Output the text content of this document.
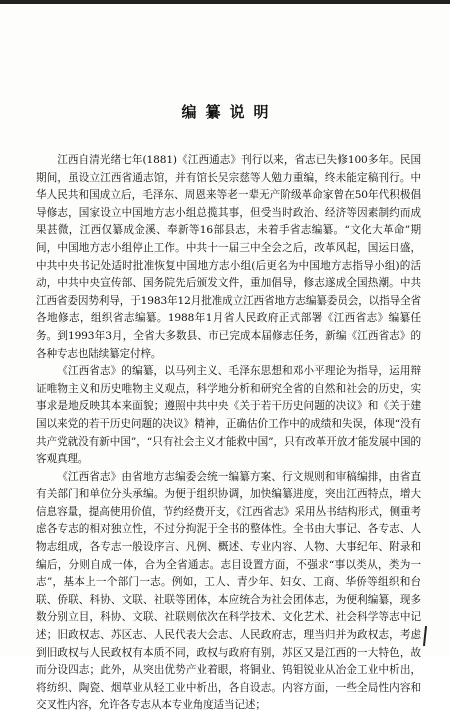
编纂说明

江西自清光绪七年(1881)《江西通志》刊行以来，省志已失修100多年。民国期间，虽设立江西省通志馆，并有馆长吴宗慈等人勉力重编，终未能定稿刊行。中华人民共和国成立后，毛泽东、周恩来等老一辈无产阶级革命家曾在50年代积极倡导修志，国家设立中国地方志小组总揽其事，但受当时政治、经济等因素制约而成果甚微，江西仅纂成金溪、奉新等16部县志，未着手省志编纂。“文化大革命”期间，中国地方志小组停止工作。中共十一届三中全会之后，改革风起，国运日盛，中共中央书记处适时批准恢复中国地方志小组(后更名为中国地方志指导小组)的活动，中共中央宣传部、国务院先后颁发文件，重加倡导，修志遂成全国热潮。中共江西省委因势利导，于1983年12月批准成立江西省地方志编纂委员会，以指导全省各地修志，组织省志编纂。1988年1月省人民政府正式部署《江西省志》编纂任务。到1993年3月，全省大多数县、市已完成本届修志任务，新编《江西省志》的各种专志也陆续纂定付梓。

《江西省志》的编纂，以马列主义、毛泽东思想和邓小平理论为指导，运用辩证唯物主义和历史唯物主义观点，科学地分析和研究全省的自然和社会的历史，实事求是地反映其本来面貌；遵照中共中央《关于若干历史问题的决议》和《关于建国以来党的若干历史问题的决议》精神，正确估价工作中的成绩和失误，体现“没有共产党就没有新中国”，“只有社会主义才能救中国”，只有改革开放才能发展中国的客观真理。

《江西省志》由省地方志编委会统一编纂方案、行文规则和审稿编排，由省直有关部门和单位分头承编。为便于组织协调，加快编纂进度，突出江西特点，增大信息容量，提高使用价值，节约经费开支，《江西省志》采用丛书结构形式，侧重考虑各专志的相对独立性，不过分拘泥于全书的整体性。全书由大事记、各专志、人物志组成，各专志一般设序言、凡例、概述、专业内容、人物、大事纪年、附录和编后，分则自成一体，合为全省通志。志目设置方面，不强求“事以类从，类为一志”，基本上一个部门一志。例如，工人、青少年、妇女、工商、华侨等组织和台联、侨联、科协、文联、社联等团体，本应统合为社会团体志，为便利编纂，现多数分别立目，科协、文联、社联则依次在科学技术、文化艺术、社会科学等志中记述；旧政权志、苏区志、人民代表大会志、人民政府志，理当归并为政权志，考虑到旧政权与人民政权有本质不同，政权与政府有别，苏区又是江西的一大特色，故而分设四志；此外，从突出优势产业着眼，将铜业、钨钼锐业从冶金工业中析出，将纺织、陶瓷、烟草业从轻工业中析出，各自设志。内容方面，一些全局性内容和交叉性内容，允许各专志从本专业角度适当记述；
